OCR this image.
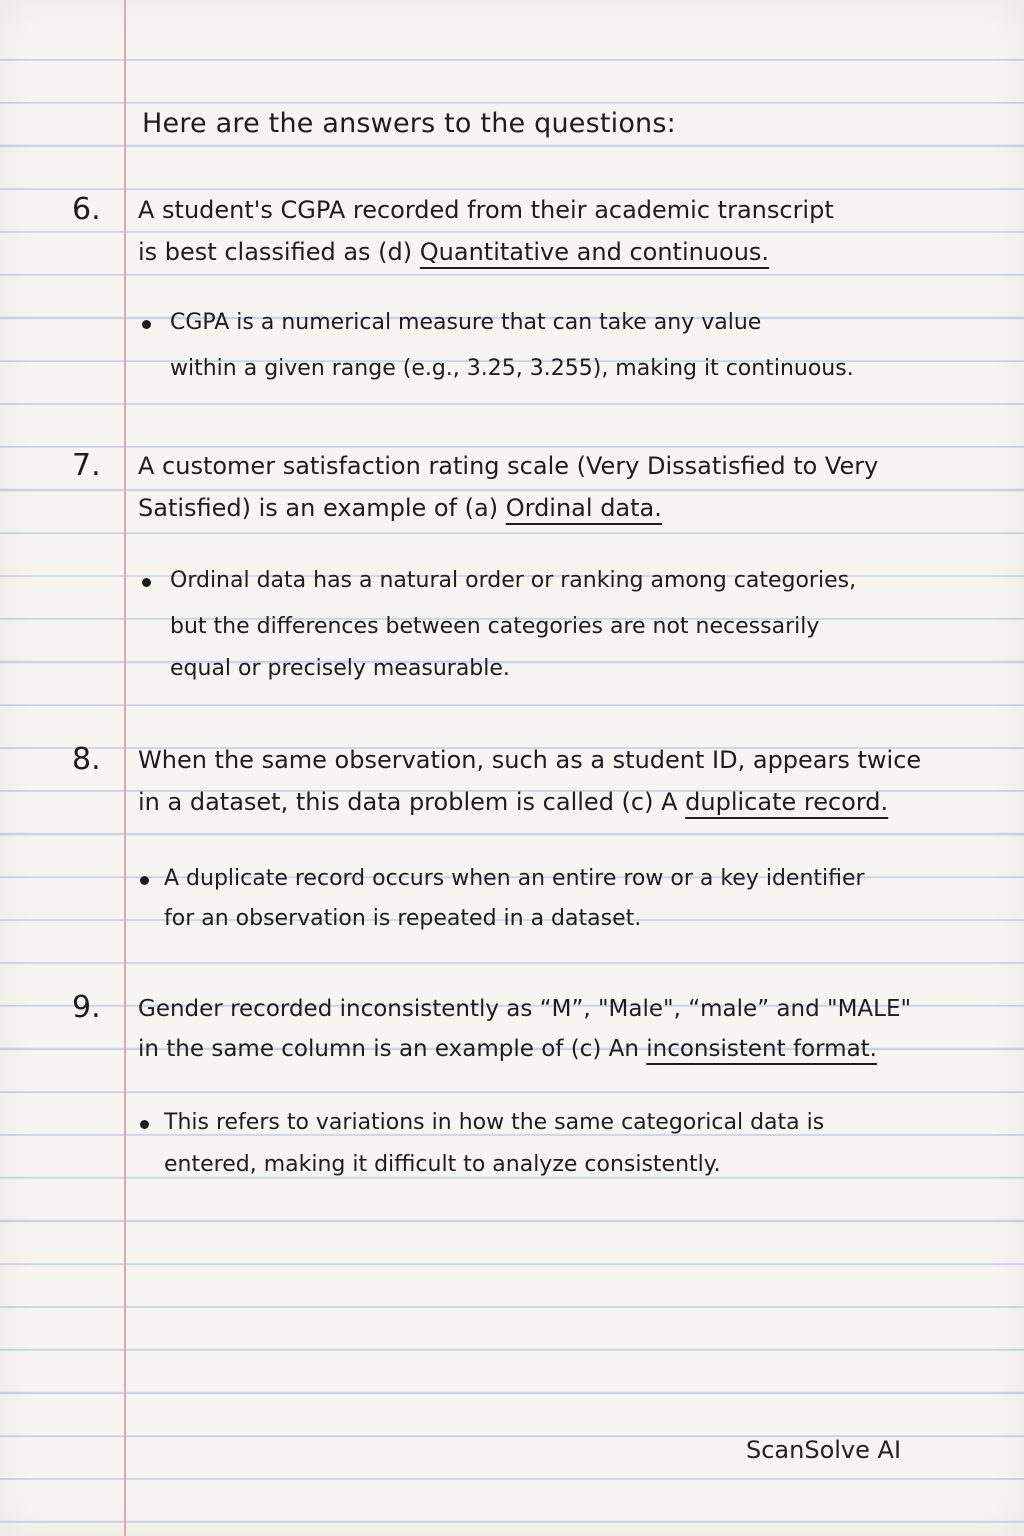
Here are the answers to the questions:
6. A student's CGPA recorded from their academic transcript
is best classified as (d) Quantitative and continuous.
CGPA is a numerical measure that can take any value
within a given range (e.g., 3.25, 3.255), making it continuous.
7. A customer satisfaction rating scale (Very Dissatisfied to Very
Satisfied) is an example of (a) Ordinal data.
Ordinal data has a natural order or ranking among categories,
but the differences between categories are not necessarily
equal or precisely measurable.
8. When the same observation, such as a student ID, appears twice
in a dataset, this data problem is called (c) A duplicate record.
A duplicate record occurs when an entire row or a key identifier
for an observation is repeated in a dataset.
9. Gender recorded inconsistently as “M”, "Male", “male” and "MALE"
in the same column is an example of (c) An inconsistent format.
This refers to variations in how the same categorical data is
entered, making it difficult to analyze consistently.
ScanSolve AI
